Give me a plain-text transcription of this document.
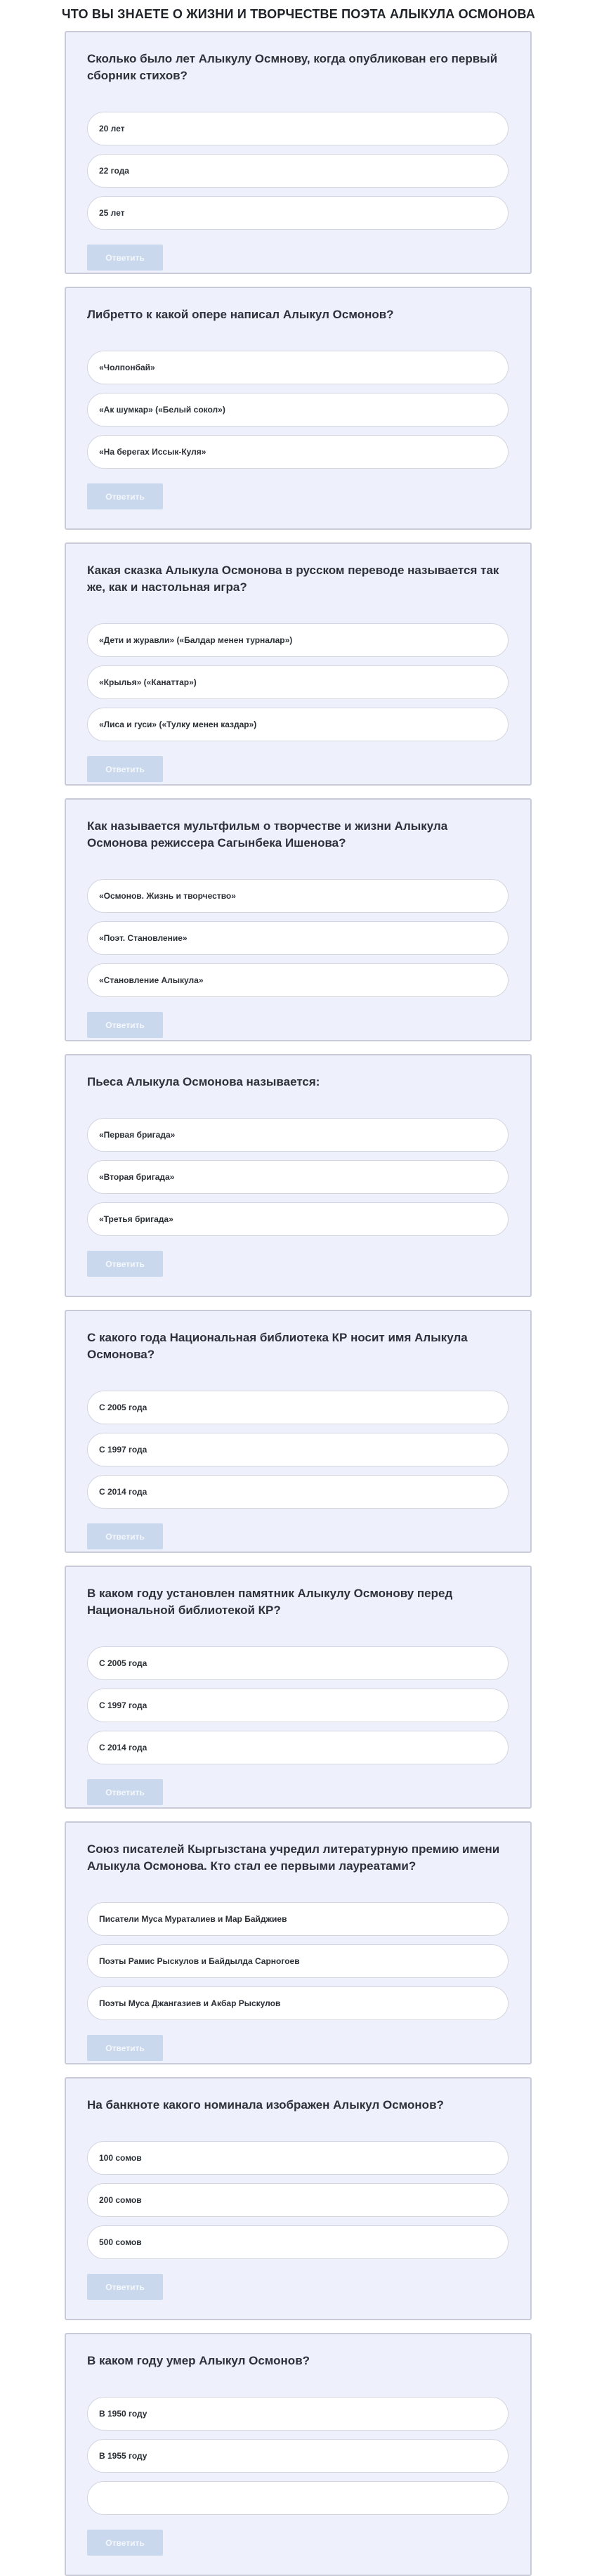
ЧТО ВЫ ЗНАЕТЕ О ЖИЗНИ И ТВОРЧЕСТВЕ ПОЭТА АЛЫКУЛА ОСМОНОВА
Сколько было лет Алыкулу Осмнову, когда опубликован его первый сборник стихов?
20 лет
22 года
25 лет
Ответить
Либретто к какой опере написал Алыкул Осмонов?
«Чолпонбай»
«Ак шумкар» («Белый сокол»)
«На берегах Иссык-Куля»
Ответить
Какая сказка Алыкула Осмонова в русском переводе называется так же, как и настольная игра?
«Дети и журавли» («Балдар менен турналар»)
«Крылья» («Канаттар»)
«Лиса и гуси» («Тулку менен каздар»)
Ответить
Как называется мультфильм о творчестве и жизни Алыкула Осмонова режиссера Сагынбека Ишенова?
«Осмонов. Жизнь и творчество»
«Поэт. Становление»
«Становление Алыкула»
Ответить
Пьеса Алыкула Осмонова называется:
«Первая бригада»
«Вторая бригада»
«Третья бригада»
Ответить
С какого года Национальная библиотека КР носит имя Алыкула Осмонова?
С 2005 года
С 1997 года
С 2014 года
Ответить
В каком году установлен памятник Алыкулу Осмонову перед Национальной библиотекой КР?
С 2005 года
С 1997 года
С 2014 года
Ответить
Союз писателей Кыргызстана учредил литературную премию имени Алыкула Осмонова. Кто стал ее первыми лауреатами?
Писатели Муса Мураталиев и Мар Байджиев
Поэты Рамис Рыскулов и Байдылда Сарногоев
Поэты Муса Джангазиев и Акбар Рыскулов
Ответить
На банкноте какого номинала изображен Алыкул Осмонов?
100 сомов
200 сомов
500 сомов
Ответить
В каком году умер Алыкул Осмонов?
В 1950 году
В 1955 году
Ответить
